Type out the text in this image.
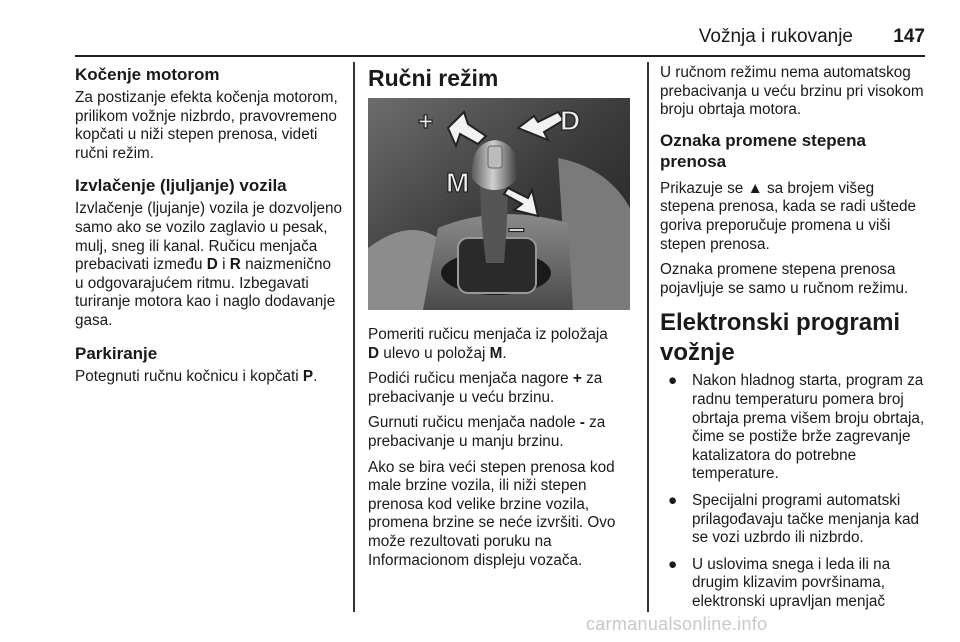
Vožnja i rukovanje 147
Kočenje motorom

Za postizanje efekta kočenja motorom, prilikom vožnje nizbrdo, pravovremeno kopčati u niži stepen prenosa, videti ručni režim.

Izvlačenje (ljuljanje) vozila

Izvlačenje (ljujanje) vozila je dozvoljeno samo ako se vozilo zaglavio u pesak, mulj, sneg ili kanal. Ručicu menjača prebacivati između D i R naizmenično u odgovarajućem ritmu. Izbegavati turiranje motora kao i naglo dodavanje gasa.

Parkiranje

Potegnuti ručnu kočnicu i kopčati P.

Ručni režim
+	D
M
–

Pomeriti ručicu menjača iz položaja
D ulevo u položaj M.

Podići ručicu menjača nagore + za prebacivanje u veću brzinu.

Gurnuti ručicu menjača nadole - za prebacivanje u manju brzinu.

Ako se bira veći stepen prenosa kod male brzine vozila, ili niži stepen prenosa kod velike brzine vozila, promena brzine se neće izvršiti. Ovo može rezultovati poruku na Informacionom displeju vozača.

U ručnom režimu nema automatskog prebacivanja u veću brzinu pri visokom broju obrtaja motora.

Oznaka promene stepena prenosa

Prikazuje se ▲ sa brojem višeg stepena prenosa, kada se radi uštede goriva preporučuje promena u viši stepen prenosa.

Oznaka promene stepena prenosa pojavljuje se samo u ručnom režimu.

Elektronski programi vožnje
● Nakon hladnog starta, program za radnu temperaturu pomera broj obrtaja prema višem broju obrtaja, čime se postiže brže zagrevanje katalizatora do potrebne temperature.
● Specijalni programi automatski prilagođavaju tačke menjanja kad se vozi uzbrdo ili nizbrdo.
● U uslovima snega i leda ili na drugim klizavim površinama, elektronski upravljan menjač
carmanualsonline.info
